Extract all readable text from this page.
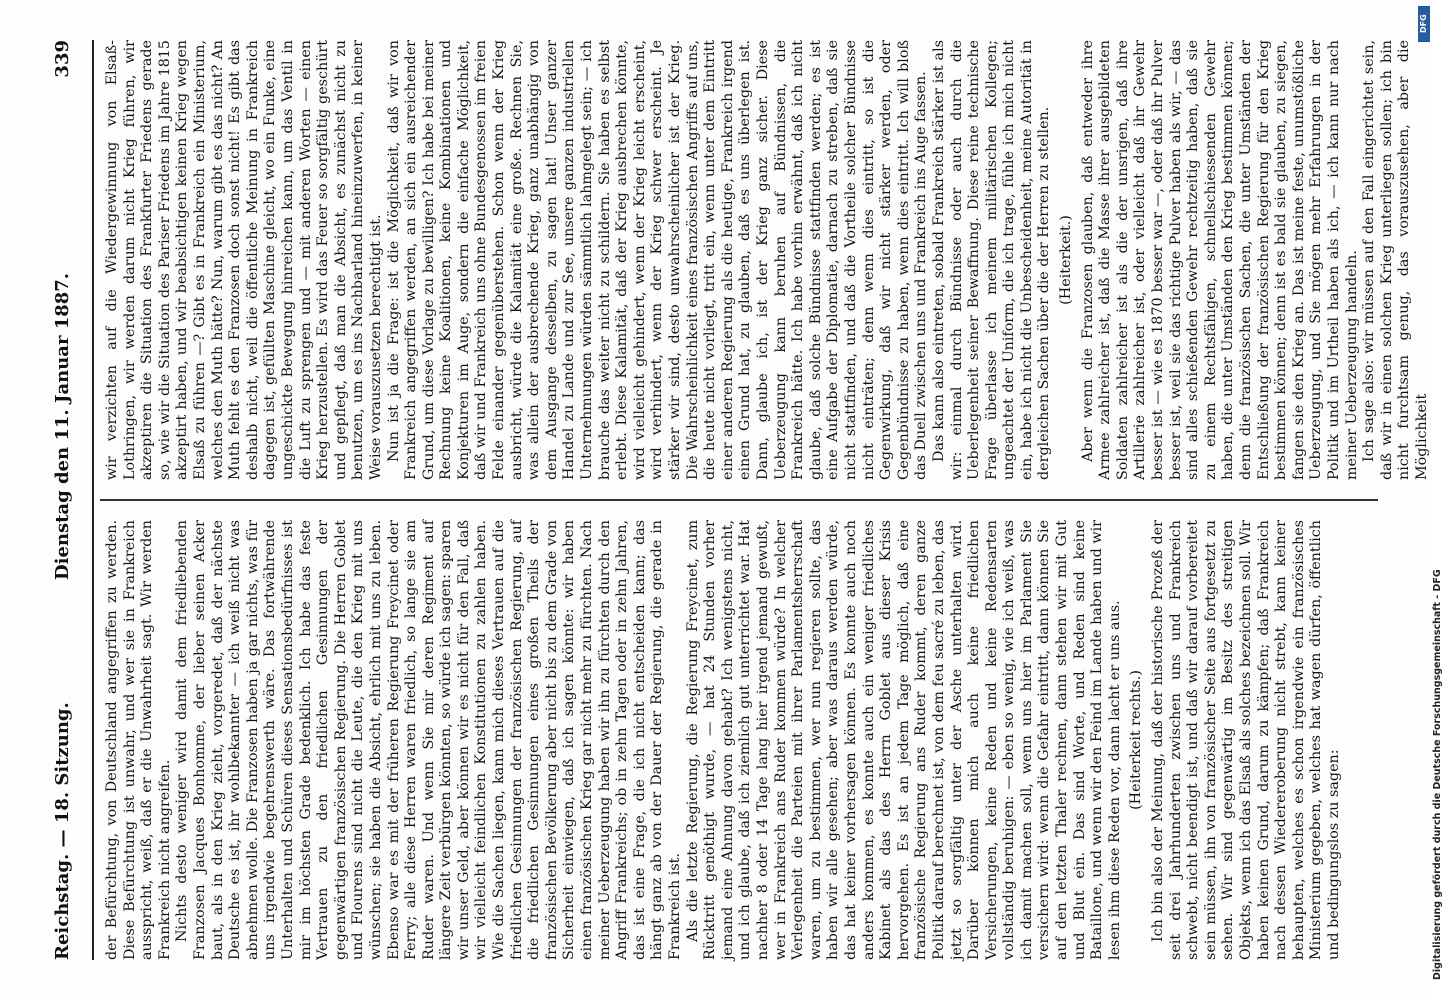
Reichstag. — 18. Sitzung.
Dienstag den 11. Januar 1887.
339

der Befürchtung, von Deutschland angegriffen zu werden. Diese Befürchtung ist unwahr, und wer sie in Frankreich ausspricht, weiß, daß er die Unwahrheit sagt. Wir werden Frankreich nicht angreifen. Nichts desto weniger wird damit dem friedliebenden Franzosen Jacques Bonhomme, der lieber seinen Acker baut, als in den Krieg zieht, vorgeredet, daß der nächste Deutsche es ist, ihr wohlbekannter — ich weiß nicht was abnehmen wolle. Die Franzosen haben ja gar nichts, was für uns irgendwie begehrenswerth wäre. Das fortwährende Unterhalten und Schüren dieses Sensationsbedürfnisses ist mir im höchsten Grade bedenklich. Ich habe das feste Vertrauen zu den friedlichen Gesinnungen der gegenwärtigen französischen Regierung. Die Herren Goblet und Flourens sind nicht die Leute, die den Krieg mit uns wünschen; sie haben die Absicht, ehrlich mit uns zu leben. Ebenso war es mit der früheren Regierung Freycinet oder Ferry; alle diese Herren waren friedlich, so lange sie am Ruder waren. Und wenn Sie mir deren Regiment auf längere Zeit verbürgen könnten, so würde ich sagen: sparen wir unser Geld, aber können wir es nicht für den Fall, daß wir vielleicht feindlichen Konstitutionen zu zahlen haben. Wie die Sachen liegen, kann mich dieses Vertrauen auf die friedlichen Gesinnungen der französischen Regierung, auf die friedlichen Gesinnungen eines großen Theils der französischen Bevölkerung aber nicht bis zu dem Grade von Sicherheit einwiegen, daß ich sagen könnte: wir haben einen französischen Krieg gar nicht mehr zu fürchten. Nach meiner Ueberzeugung haben wir ihn zu fürchten durch den Angriff Frankreichs; ob in zehn Tagen oder in zehn Jahren, das ist eine Frage, die ich nicht entscheiden kann; das hängt ganz ab von der Dauer der Regierung, die gerade in Frankreich ist. Als die letzte Regierung, die Regierung Freycinet, zum Rücktritt genöthigt wurde, — hat 24 Stunden vorher jemand eine Ahnung davon gehabt? Ich wenigstens nicht, und ich glaube, daß ich ziemlich gut unterrichtet war. Hat nachher 8 oder 14 Tage lang hier irgend jemand gewußt, wer in Frankreich ans Ruder kommen würde? In welcher Verlegenheit die Parteien mit ihrer Parlamentsherrschaft waren, um zu bestimmen, wer nun regieren sollte, das haben wir alle gesehen; aber was daraus werden würde, das hat keiner vorhersagen können. Es konnte auch noch anders kommen, es konnte auch ein weniger friedliches Kabinet als das des Herrn Goblet aus dieser Krisis hervorgehen. Es ist an jedem Tage möglich, daß eine französische Regierung ans Ruder kommt, deren ganze Politik darauf berechnet ist, von dem feu sacré zu leben, das jetzt so sorgfältig unter der Asche unterhalten wird. Darüber können mich auch keine friedlichen Versicherungen, keine Reden und keine Redensarten vollständig beruhigen: — eben so wenig, wie ich weiß, was ich damit machen soll, wenn uns hier im Parlament Sie versichern wird: wenn die Gefahr eintritt, dann können Sie auf den letzten Thaler rechnen, dann stehen wir mit Gut und Blut ein. Das sind Worte, und Reden sind keine Bataillone, und wenn wir den Feind im Lande haben und wir lesen ihm diese Reden vor, dann lacht er uns aus. (Heiterkeit rechts.) Ich bin also der Meinung, daß der historische Prozeß der seit drei Jahrhunderten zwischen uns und Frankreich schwebt, nicht beendigt ist, und daß wir darauf vorbereitet sein müssen, ihn von französischer Seite aus fortgesetzt zu sehen. Wir sind gegenwärtig im Besitz des streitigen Objekts, wenn ich das Elsaß als solches bezeichnen soll. Wir haben keinen Grund, darum zu kämpfen; daß Frankreich nach dessen Wiedereroberung nicht strebt, kann keiner behaupten, welches es schon irgendwie ein französisches Ministerium gegeben, welches hat wagen dürfen, öffentlich und bedingungslos zu sagen:

wir verzichten auf die Wiedergewinnung von Elsaß-Lothringen, wir werden darum nicht Krieg führen, wir akzeptiren die Situation des Frankfurter Friedens gerade so, wie wir die Situation des Pariser Friedens im Jahre 1815 akzeptirt haben, und wir beabsichtigen keinen Krieg wegen Elsaß zu führen —? Gibt es in Frankreich ein Ministerium, welches den Muth hätte? Nun, warum gibt es das nicht? An Muth fehlt es den Franzosen doch sonst nicht! Es gibt das deshalb nicht, weil die öffentliche Meinung in Frankreich dagegen ist, gefüllten Maschine gleicht, wo ein Funke, eine ungeschickte Bewegung hinreichen kann, um das Ventil in die Luft zu sprengen und — mit anderen Worten — einen Krieg herzustellen. Es wird das Feuer so sorgfältig geschürt und gepflegt, daß man die Absicht, es zunächst nicht zu benutzen, um es ins Nachbarland hineinzuwerfen, in keiner Weise vorauszusetzen berechtigt ist. Nun ist ja die Frage: ist die Möglichkeit, daß wir von Frankreich angegriffen werden, an sich ein ausreichender Grund, um diese Vorlage zu bewilligen? Ich habe bei meiner Rechnung keine Koalitionen, keine Kombinationen und Konjekturen im Auge, sondern die einfache Möglichkeit, daß wir und Frankreich uns ohne Bundesgenossen im freien Felde einander gegenüberstehen. Schon wenn der Krieg ausbricht, würde die Kalamität eine große. Rechnen Sie, was allein der ausbrechende Krieg, ganz unabhängig von dem Ausgange desselben, zu sagen hat! Unser ganzer Handel zu Lande und zur See, unsere ganzen industriellen Unternehmungen würden sämmtlich lahmgelegt sein; — ich brauche das weiter nicht zu schildern. Sie haben es selbst erlebt. Diese Kalamität, daß der Krieg ausbrechen könnte, wird vielleicht gehindert, wenn der Krieg leicht erscheint, wird verhindert, wenn der Krieg schwer erscheint. Je stärker wir sind, desto unwahrscheinlicher ist der Krieg. Die Wahrscheinlichkeit eines französischen Angriffs auf uns, die heute nicht vorliegt, tritt ein, wenn unter dem Eintritt einer anderen Regierung als die heutige, Frankreich irgend einen Grund hat, zu glauben, daß es uns überlegen ist. Dann, glaube ich, ist der Krieg ganz sicher. Diese Ueberzeugung kann beruhen auf Bündnissen, die Frankreich hätte. Ich habe vorhin erwähnt, daß ich nicht glaube, daß solche Bündnisse stattfinden werden; es ist eine Aufgabe der Diplomatie, darnach zu streben, daß sie nicht stattfinden, und daß die Vortheile solcher Bündnisse nicht einträten; denn wenn dies eintritt, so ist die Gegenwirkung, daß wir nicht stärker werden, oder Gegenbündnisse zu haben, wenn dies eintritt. Ich will bloß das Duell zwischen uns und Frankreich ins Auge fassen. Das kann also eintreten, sobald Frankreich stärker ist als wir: einmal durch Bündnisse oder auch durch die Ueberlegenheit seiner Bewaffnung. Diese reine technische Frage überlasse ich meinem militärischen Kollegen; ungeachtet der Uniform, die ich trage, fühle ich mich nicht ein, habe ich nicht die Unbescheidenheit, meine Autorität in dergleichen Sachen über die der Herren zu stellen. (Heiterkeit.) Aber wenn die Franzosen glauben, daß entweder ihre Armee zahlreicher ist, daß die Masse ihrer ausgebildeten Soldaten zahlreicher ist als die der unsrigen, daß ihre Artillerie zahlreicher ist, oder vielleicht daß ihr Gewehr besser ist — wie es 1870 besser war —, oder daß ihr Pulver besser ist, weil sie das richtige Pulver haben als wir, — das sind alles schießenden Gewehr rechtzeitig haben, daß sie zu einem Rechtsfähigen, schnellschiessenden Gewehr haben, die unter Umständen den Krieg bestimmen können; denn die französischen Sachen, die unter Umständen der Entschließung der französischen Regierung für den Krieg bestimmen können; denn ist es bald sie glauben, zu siegen, fangen sie den Krieg an. Das ist meine feste, unumstößliche Ueberzeugung, und Sie mögen mehr Erfahrungen in der Politik und im Urtheil haben als ich, — ich kann nur nach meiner Ueberzeugung handeln. Ich sage also: wir müssen auf den Fall eingerichtet sein, daß wir in einen solchen Krieg unterliegen sollen; ich bin nicht furchtsam genug, das vorauszusehen, aber die Möglichkeit

Digitalisierung gefördert durch die Deutsche Forschungsgemeinschaft - DFG
DFG
